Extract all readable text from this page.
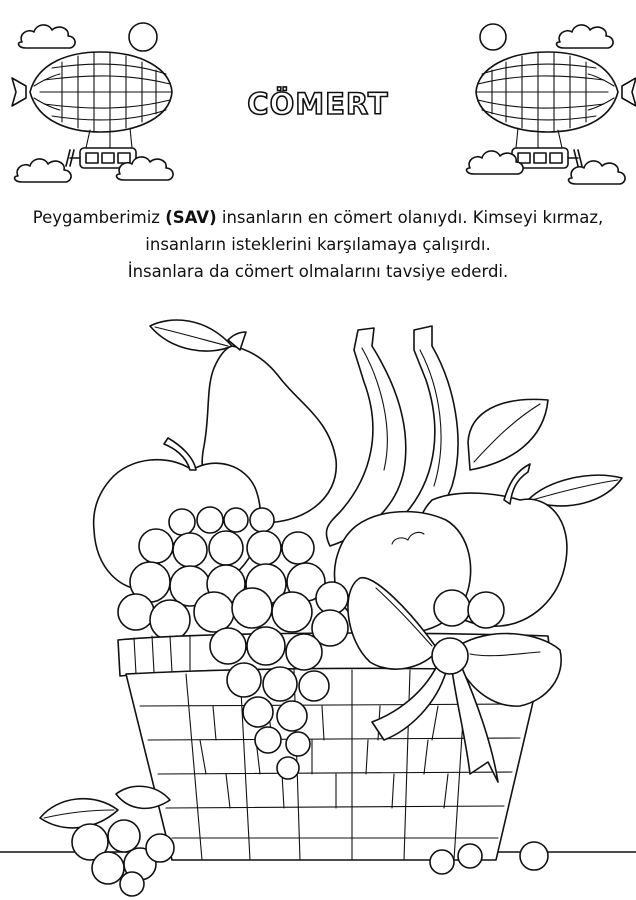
CÖMERT
Peygamberimiz (SAV) insanların en cömert olanıydı. Kimseyi kırmaz,
insanların isteklerini karşılamaya çalışırdı.
İnsanlara da cömert olmalarını tavsiye ederdi.
